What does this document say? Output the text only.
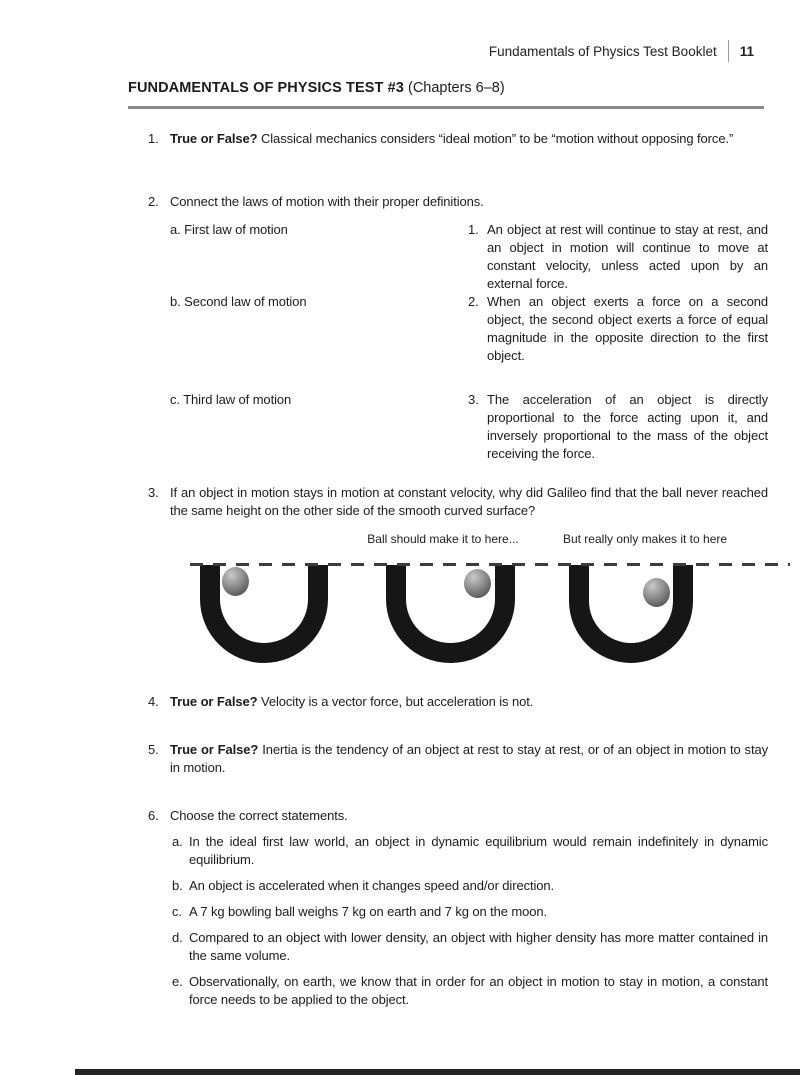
Fundamentals of Physics Test Booklet 11
FUNDAMENTALS OF PHYSICS TEST #3 (Chapters 6–8)
1. True or False? Classical mechanics considers “ideal motion” to be “motion without opposing force.”
2. Connect the laws of motion with their proper definitions.
a. First law of motion	1. An object at rest will continue to stay at rest, and an object in motion will continue to move at constant velocity, unless acted upon by an external force.
b. Second law of motion	2. When an object exerts a force on a second object, the second object exerts a force of equal magnitude in the opposite direction to the first object.
c. Third law of motion	3. The acceleration of an object is directly proportional to the force acting upon it, and inversely proportional to the mass of the object receiving the force.
3. If an object in motion stays in motion at constant velocity, why did Galileo find that the ball never reached the same height on the other side of the smooth curved surface?
4. True or False? Velocity is a vector force, but acceleration is not.
5. True or False? Inertia is the tendency of an object at rest to stay at rest, or of an object in motion to stay in motion.
6. Choose the correct statements.
a. In the ideal first law world, an object in dynamic equilibrium would remain indefinitely in dynamic equilibrium.
b. An object is accelerated when it changes speed and/or direction.
c. A 7 kg bowling ball weighs 7 kg on earth and 7 kg on the moon.
d. Compared to an object with lower density, an object with higher density has more matter contained in the same volume.
e. Observationally, on earth, we know that in order for an object in motion to stay in motion, a constant force needs to be applied to the object.
Ball should make it to here...	But really only makes it to here
